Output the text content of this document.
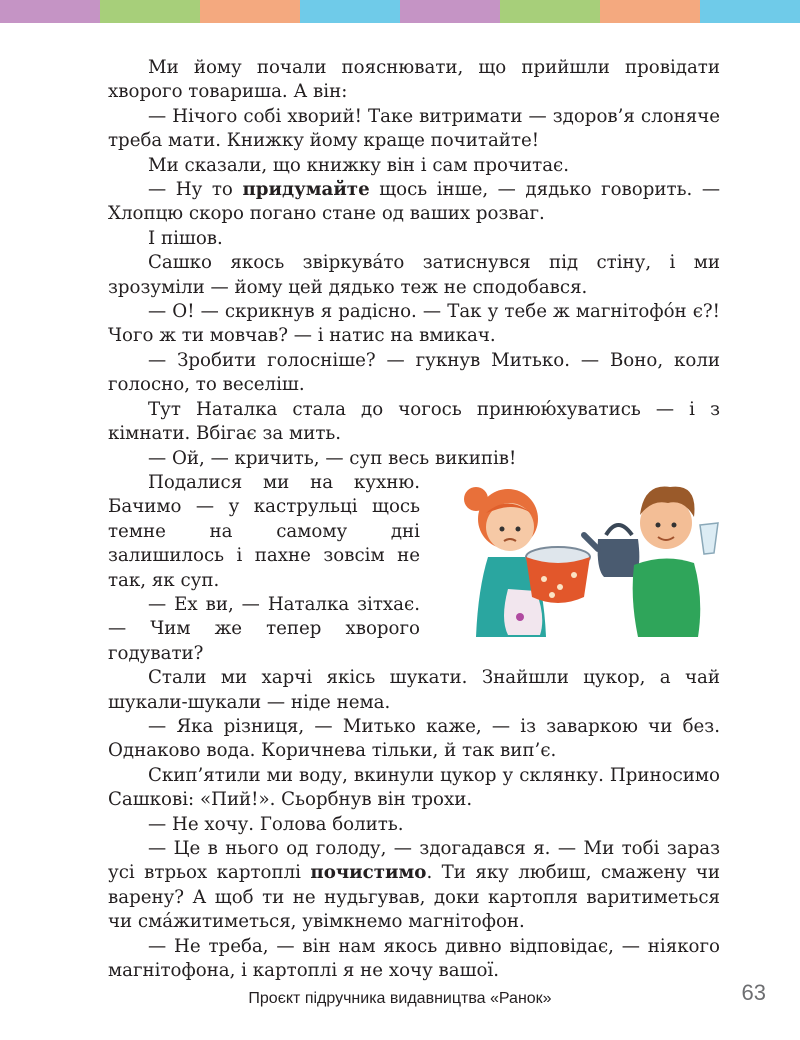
Ми йому почали пояснювати, що прийшли провідати хворого товариша. А він:

— Нічого собі хворий! Таке витримати — здоров’я слоняче треба мати. Книжку йому краще почитайте!

Ми сказали, що книжку він і сам прочитає.

— Ну то придумайте щось інше, — дядько говорить. — Хлопцю скоро погано стане од ваших розваг.

І пішов.

Сашко якось звіркува́то затиснувся під стіну, і ми зрозуміли — йому цей дядько теж не сподобався.

— О! — скрикнув я радісно. — Так у тебе ж магнітофо́н є?! Чого ж ти мовчав? — і натис на вмикач.

— Зробити голосніше? — гукнув Митько. — Воно, коли голосно, то веселіш.

Тут Наталка стала до чогось принюю́хуватись — і з кімнати. Вбігає за мить.

— Ой, — кричить, — суп весь википів!

Подалися ми на кухню. Бачимо — у каструльці щось темне на самому дні залишилось і пахне зовсім не так, як суп.

— Ех ви, — Наталка зітхає. — Чим же тепер хворого годувати?

Стали ми харчі якісь шукати. Знайшли цукор, а чай шукали-шукали — ніде нема.

— Яка різниця, — Митько каже, — із заваркою чи без. Однаково вода. Коричнева тільки, й так вип’є.

Скип’ятили ми воду, вкинули цукор у склянку. Приносимо Сашкові: «Пий!». Сьорбнув він трохи.

— Не хочу. Голова болить.

— Це в нього од голоду, — здогадався я. — Ми тобі зараз усі втрьох картоплі почистимо. Ти яку любиш, смажену чи варену? А щоб ти не нудьгував, доки картопля варитиметься чи сма́житиметься, увімкнемо магнітофон.

— Не треба, — він нам якось дивно відповідає, — ніякого магнітофона, і картоплі я не хочу вашої.

Проєкт підручника видавництва «Ранок»	63
